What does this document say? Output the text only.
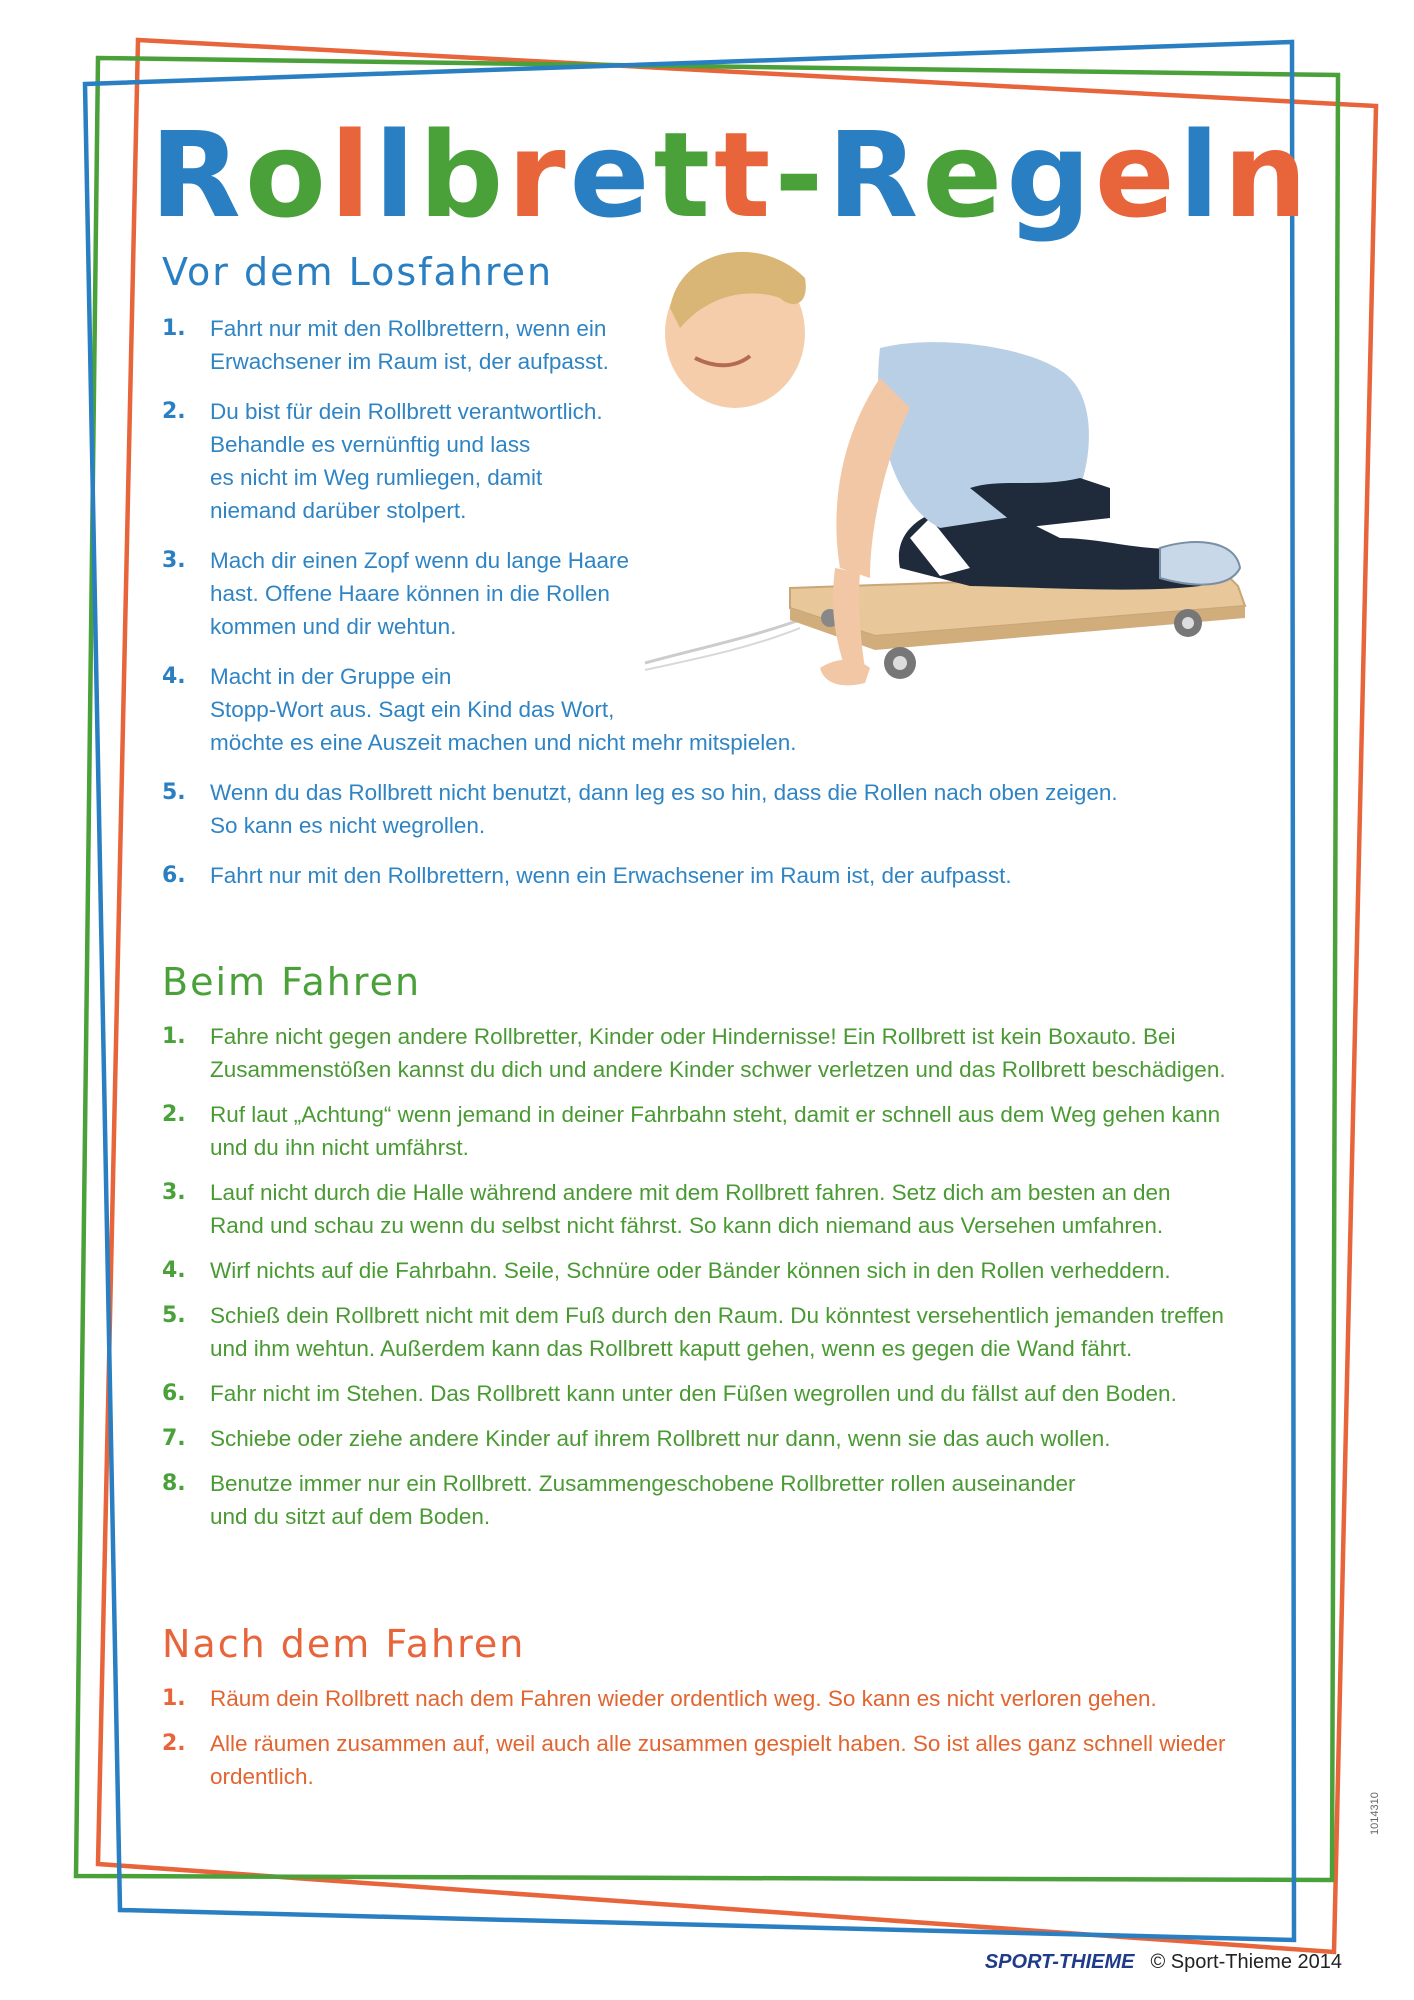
Rollbrett-Regeln
Vor dem Losfahren
1. Fahrt nur mit den Rollbrettern, wenn ein
Erwachsener im Raum ist, der aufpasst.
2. Du bist für dein Rollbrett verantwortlich.
Behandle es vernünftig und lass
es nicht im Weg rumliegen, damit
niemand darüber stolpert.
3. Mach dir einen Zopf wenn du lange Haare
hast. Offene Haare können in die Rollen
kommen und dir wehtun.
4. Macht in der Gruppe ein
Stopp-Wort aus. Sagt ein Kind das Wort,
möchte es eine Auszeit machen und nicht mehr mitspielen.
5. Wenn du das Rollbrett nicht benutzt, dann leg es so hin, dass die Rollen nach oben zeigen.
So kann es nicht wegrollen.
6. Fahrt nur mit den Rollbrettern, wenn ein Erwachsener im Raum ist, der aufpasst.
Beim Fahren
1. Fahre nicht gegen andere Rollbretter, Kinder oder Hindernisse! Ein Rollbrett ist kein Boxauto. Bei
Zusammenstößen kannst du dich und andere Kinder schwer verletzen und das Rollbrett beschädigen.
2. Ruf laut „Achtung“ wenn jemand in deiner Fahrbahn steht, damit er schnell aus dem Weg gehen kann
und du ihn nicht umfährst.
3. Lauf nicht durch die Halle während andere mit dem Rollbrett fahren. Setz dich am besten an den
Rand und schau zu wenn du selbst nicht fährst. So kann dich niemand aus Versehen umfahren.
4. Wirf nichts auf die Fahrbahn. Seile, Schnüre oder Bänder können sich in den Rollen verheddern.
5. Schieß dein Rollbrett nicht mit dem Fuß durch den Raum. Du könntest versehentlich jemanden treffen
und ihm wehtun. Außerdem kann das Rollbrett kaputt gehen, wenn es gegen die Wand fährt.
6. Fahr nicht im Stehen. Das Rollbrett kann unter den Füßen wegrollen und du fällst auf den Boden.
7. Schiebe oder ziehe andere Kinder auf ihrem Rollbrett nur dann, wenn sie das auch wollen.
8. Benutze immer nur ein Rollbrett. Zusammengeschobene Rollbretter rollen auseinander
und du sitzt auf dem Boden.
Nach dem Fahren
1. Räum dein Rollbrett nach dem Fahren wieder ordentlich weg. So kann es nicht verloren gehen.
2. Alle räumen zusammen auf, weil auch alle zusammen gespielt haben. So ist alles ganz schnell wieder
ordentlich.
1014310
SPORT-THIEME © Sport-Thieme 2014
